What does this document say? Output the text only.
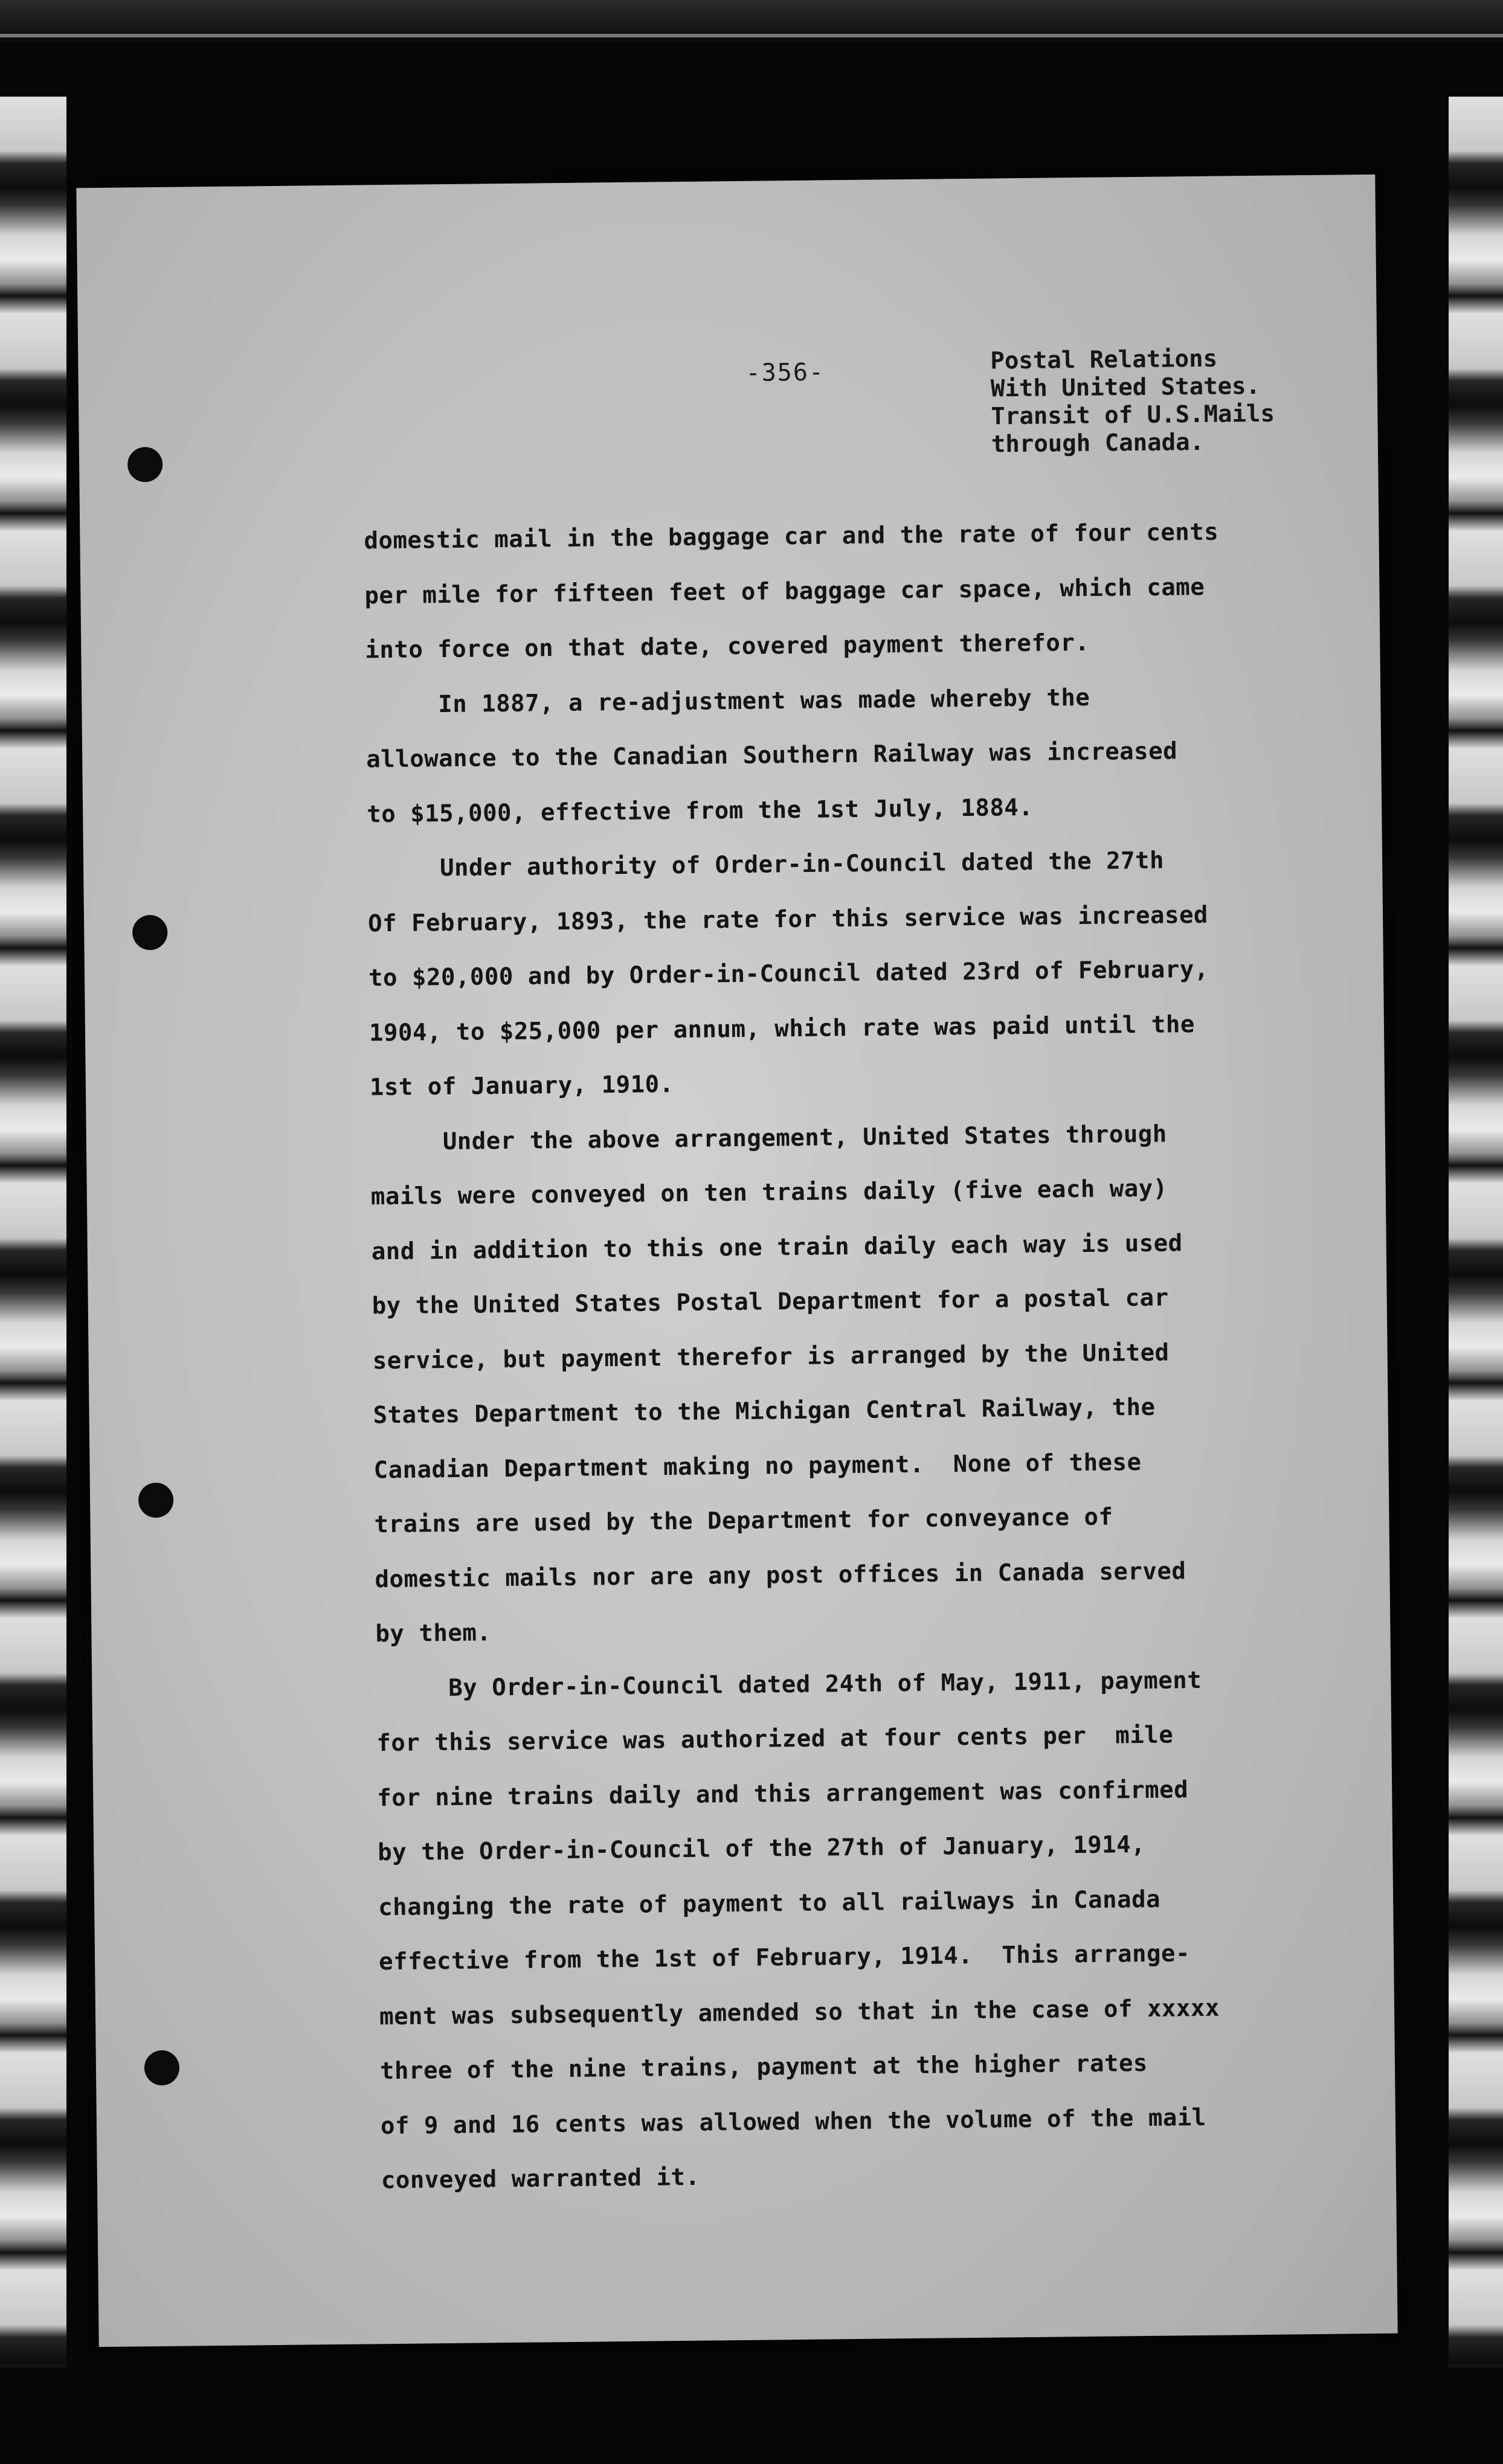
-356-	Postal Relations
With United States.
Transit of U.S.Mails
through Canada.
domestic mail in the baggage car and the rate of four cents
per mile for fifteen feet of baggage car space, which came
into force on that date, covered payment therefor.
In 1887, a re-adjustment was made whereby the
allowance to the Canadian Southern Railway was increased
to $15,000, effective from the 1st July, 1884.
Under authority of Order-in-Council dated the 27th
Of February, 1893, the rate for this service was increased
to $20,000 and by Order-in-Council dated 23rd of February,
1904, to $25,000 per annum, which rate was paid until the
1st of January, 1910.
Under the above arrangement, United States through
mails were conveyed on ten trains daily (five each way)
and in addition to this one train daily each way is used
by the United States Postal Department for a postal car
service, but payment therefor is arranged by the United
States Department to the Michigan Central Railway, the
Canadian Department making no payment.  None of these
trains are used by the Department for conveyance of
domestic mails nor are any post offices in Canada served
by them.
By Order-in-Council dated 24th of May, 1911, payment
for this service was authorized at four cents per  mile
for nine trains daily and this arrangement was confirmed
by the Order-in-Council of the 27th of January, 1914,
changing the rate of payment to all railways in Canada
effective from the 1st of February, 1914.  This arrange-
ment was subsequently amended so that in the case of xxxxx
three of the nine trains, payment at the higher rates
of 9 and 16 cents was allowed when the volume of the mail
conveyed warranted it.
